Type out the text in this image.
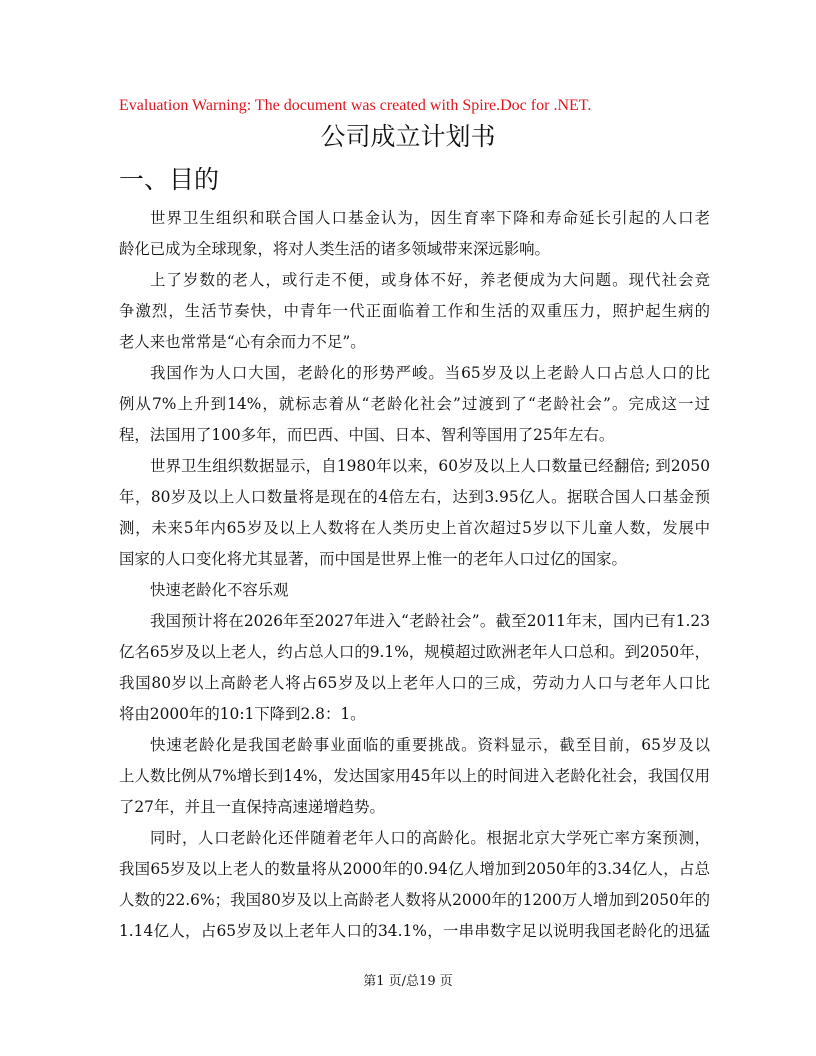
Evaluation Warning: The document was created with Spire.Doc for .NET.
公司成立计划书
一、目的
世界卫生组织和联合国人口基金认为，因生育率下降和寿命延长引起的人口老
龄化已成为全球现象，将对人类生活的诸多领域带来深远影响。
上了岁数的老人，或行走不便，或身体不好，养老便成为大问题。现代社会竞
争激烈，生活节奏快，中青年一代正面临着工作和生活的双重压力，照护起生病的
老人来也常常是“心有余而力不足”。
我国作为人口大国，老龄化的形势严峻。当65岁及以上老龄人口占总人口的比
例从7%上升到14%，就标志着从“老龄化社会”过渡到了“老龄社会”。完成这一过
程，法国用了100多年，而巴西、中国、日本、智利等国用了25年左右。
世界卫生组织数据显示，自1980年以来，60岁及以上人口数量已经翻倍; 到2050
年，80岁及以上人口数量将是现在的4倍左右，达到3.95亿人。据联合国人口基金预
测，未来5年内65岁及以上人数将在人类历史上首次超过5岁以下儿童人数，发展中
国家的人口变化将尤其显著，而中国是世界上惟一的老年人口过亿的国家。
快速老龄化不容乐观
我国预计将在2026年至2027年进入“老龄社会”。截至2011年末，国内已有1.23
亿名65岁及以上老人，约占总人口的9.1%，规模超过欧洲老年人口总和。到2050年，
我国80岁以上高龄老人将占65岁及以上老年人口的三成，劳动力人口与老年人口比
将由2000年的10:1下降到2.8：1。
快速老龄化是我国老龄事业面临的重要挑战。资料显示，截至目前，65岁及以
上人数比例从7%增长到14%，发达国家用45年以上的时间进入老龄化社会，我国仅用
了27年，并且一直保持高速递增趋势。
同时，人口老龄化还伴随着老年人口的高龄化。根据北京大学死亡率方案预测，
我国65岁及以上老人的数量将从2000年的0.94亿人增加到2050年的3.34亿人，占总
人数的22.6%；我国80岁及以上高龄老人数将从2000年的1200万人增加到2050年的
1.14亿人，占65岁及以上老年人口的34.1%，一串串数字足以说明我国老龄化的迅猛
第1 页/总19 页
